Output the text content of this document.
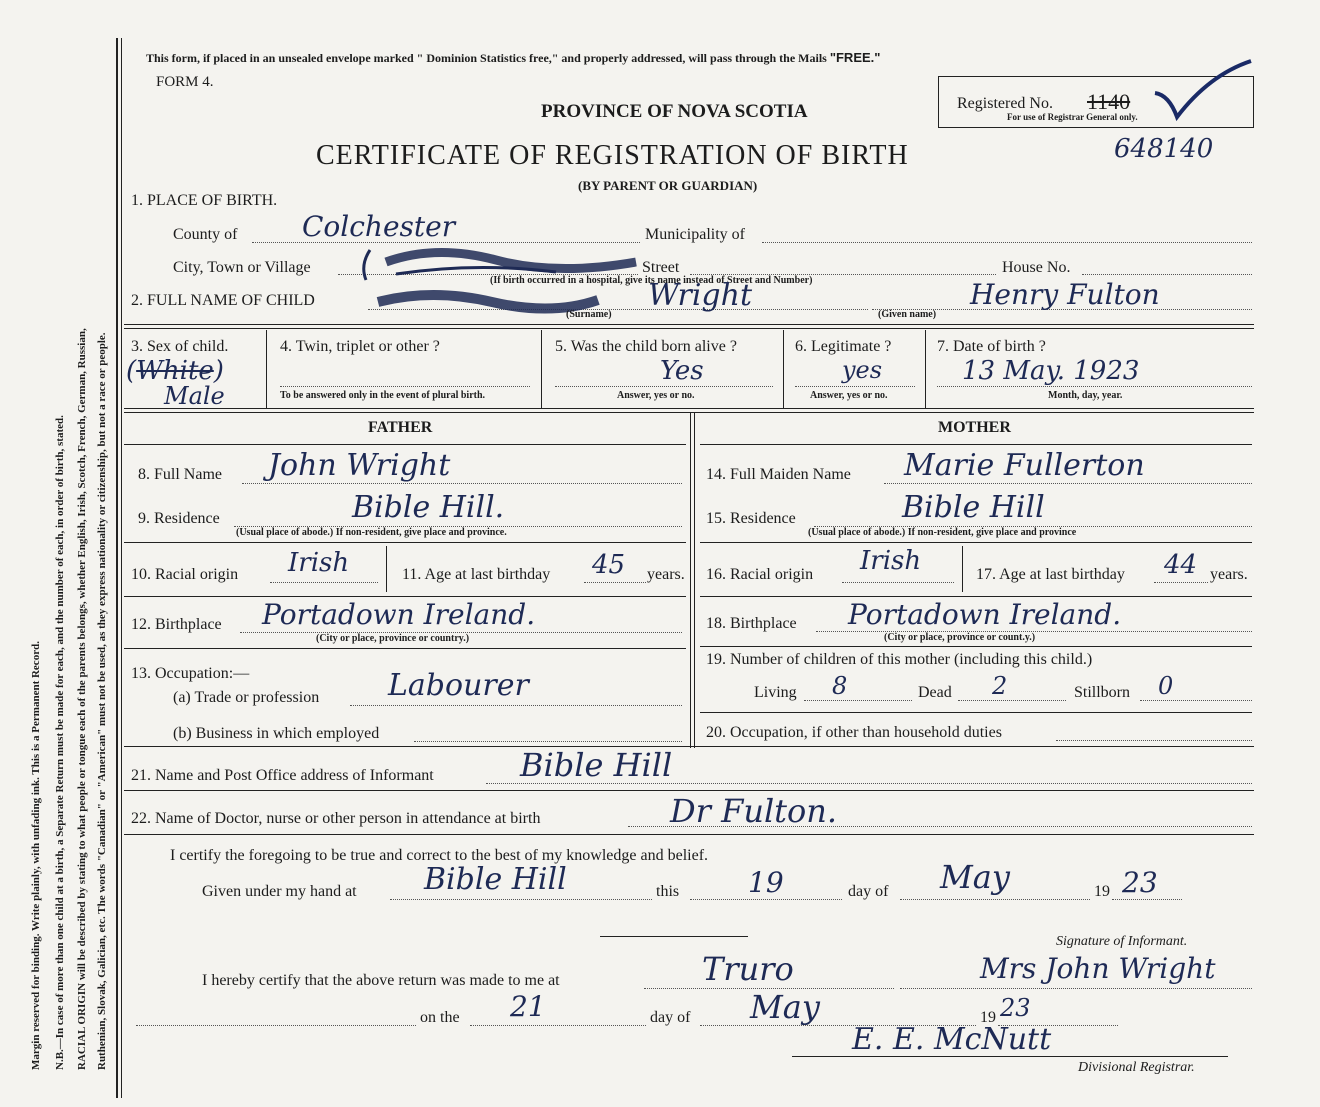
Margin reserved for binding. Write plainly, with unfading ink. This is a Permanent Record. N.B.—In case of more than one child at a birth, a Separate Return must be made for each, and the number of each, in order of birth, stated. RACIAL ORIGIN will be described by stating to what people or tongue each of the parents belongs, whether English, Irish, Scotch, French, German, Russian, Ruthenian, Slovak, Galician, etc. The words "Canadian" or "American" must not be used, as they express nationality or citizenship, but not a race or people.
This form, if placed in an unsealed envelope marked " Dominion Statistics free," and properly addressed, will pass through the Mails "FREE."
FORM 4.
PROVINCE OF NOVA SCOTIA	Registered No. 1140
For use of Registrar General only.
CERTIFICATE OF REGISTRATION OF BIRTH	648140
(BY PARENT OR GUARDIAN)
1. PLACE OF BIRTH.
County of Colchester	Municipality of
City, Town or Village	Street	House No.
(If birth occurred in a hospital, give its name instead of Street and Number)
2. FULL NAME OF CHILD	Wright
(Surname)
Henry Fulton
(Given name)
3. Sex of child.
(White)
Male
4. Twin, triplet or other ?
To be answered only in the event of plural birth.
5. Was the child born alive ?
Yes
Answer, yes or no.
6. Legitimate ?
yes
Answer, yes or no.
7. Date of birth ?
13 May. 1923
Month, day, year.
FATHER	MOTHER
8. Full Name John Wright
9. Residence	Bible Hill.
(Usual place of abode.) If non-resident, give place and province.
10. Racial origin Irish	11. Age at last birthday 45 years.
12. Birthplace Portadown Ireland.
(City or place, province or country.)
13. Occupation:—
(a) Trade or profession Labourer
(b) Business in which employed
14. Full Maiden Name Marie Fullerton
15. Residence	Bible Hill
(Usual place of abode.) If non-resident, give place and province
16. Racial origin Irish	17. Age at last birthday 44 years.
18. Birthplace Portadown Ireland.
(City or place, province or count.y.)
19. Number of children of this mother (including this child.)
Living 8	Dead 2	Stillborn 0
20. Occupation, if other than household duties
21. Name and Post Office address of Informant	Bible Hill
22. Name of Doctor, nurse or other person in attendance at birth	Dr Fulton.
I certify the foregoing to be true and correct to the best of my knowledge and belief.
Given under my hand at Bible Hill	this 19	day of May	19 23
Signature of Informant.
I hereby certify that the above return was made to me at	Truro	Mrs John Wright
on the 21	day of May	19 23
E. E. McNutt
Divisional Registrar.
